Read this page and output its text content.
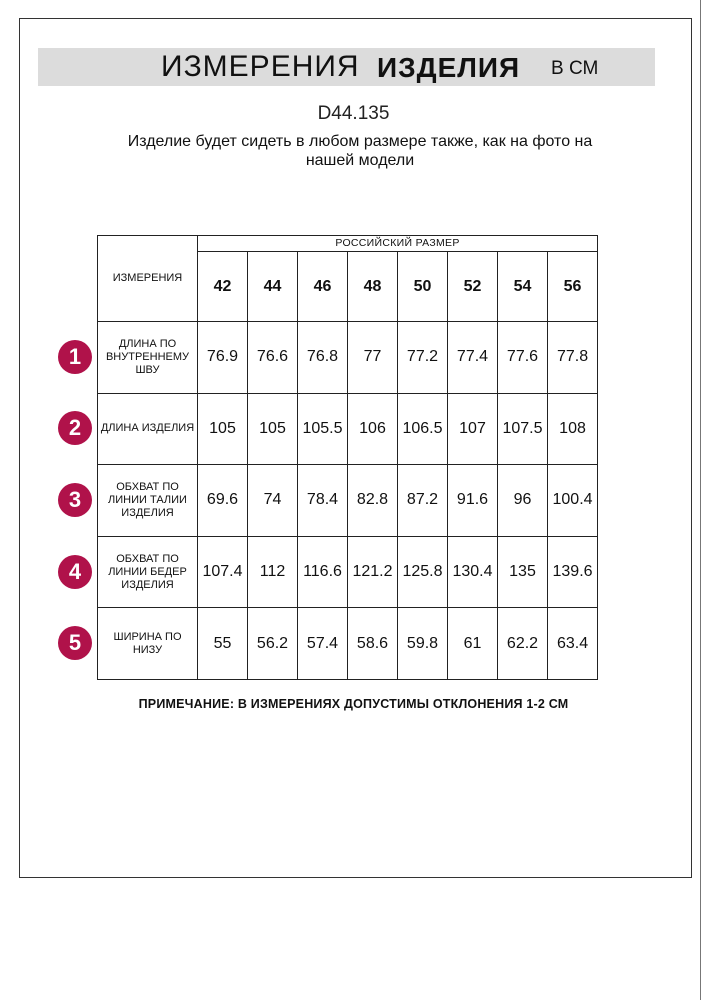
ИЗМЕРЕНИЯ ИЗДЕЛИЯ В СМ
D44.135
Изделие будет сидеть в любом размере также, как на фото на нашей модели
ИЗМЕРЕНИЯ	РОССИЙСКИЙ РАЗМЕР							
	42	44	46	48	50	52	54	56
ДЛИНА ПО ВНУТРЕННЕМУ ШВУ	76.9	76.6	76.8	77	77.2	77.4	77.6	77.8
ДЛИНА ИЗДЕЛИЯ	105	105	105.5	106	106.5	107	107.5	108
ОБХВАТ ПО ЛИНИИ ТАЛИИ ИЗДЕЛИЯ	69.6	74	78.4	82.8	87.2	91.6	96	100.4
ОБХВАТ ПО ЛИНИИ БЕДЕР ИЗДЕЛИЯ	107.4	112	116.6	121.2	125.8	130.4	135	139.6
ШИРИНА ПО НИЗУ	55	56.2	57.4	58.6	59.8	61	62.2	63.4
1
2
3
4
5
ПРИМЕЧАНИЕ: В ИЗМЕРЕНИЯХ ДОПУСТИМЫ ОТКЛОНЕНИЯ 1-2 СМ
